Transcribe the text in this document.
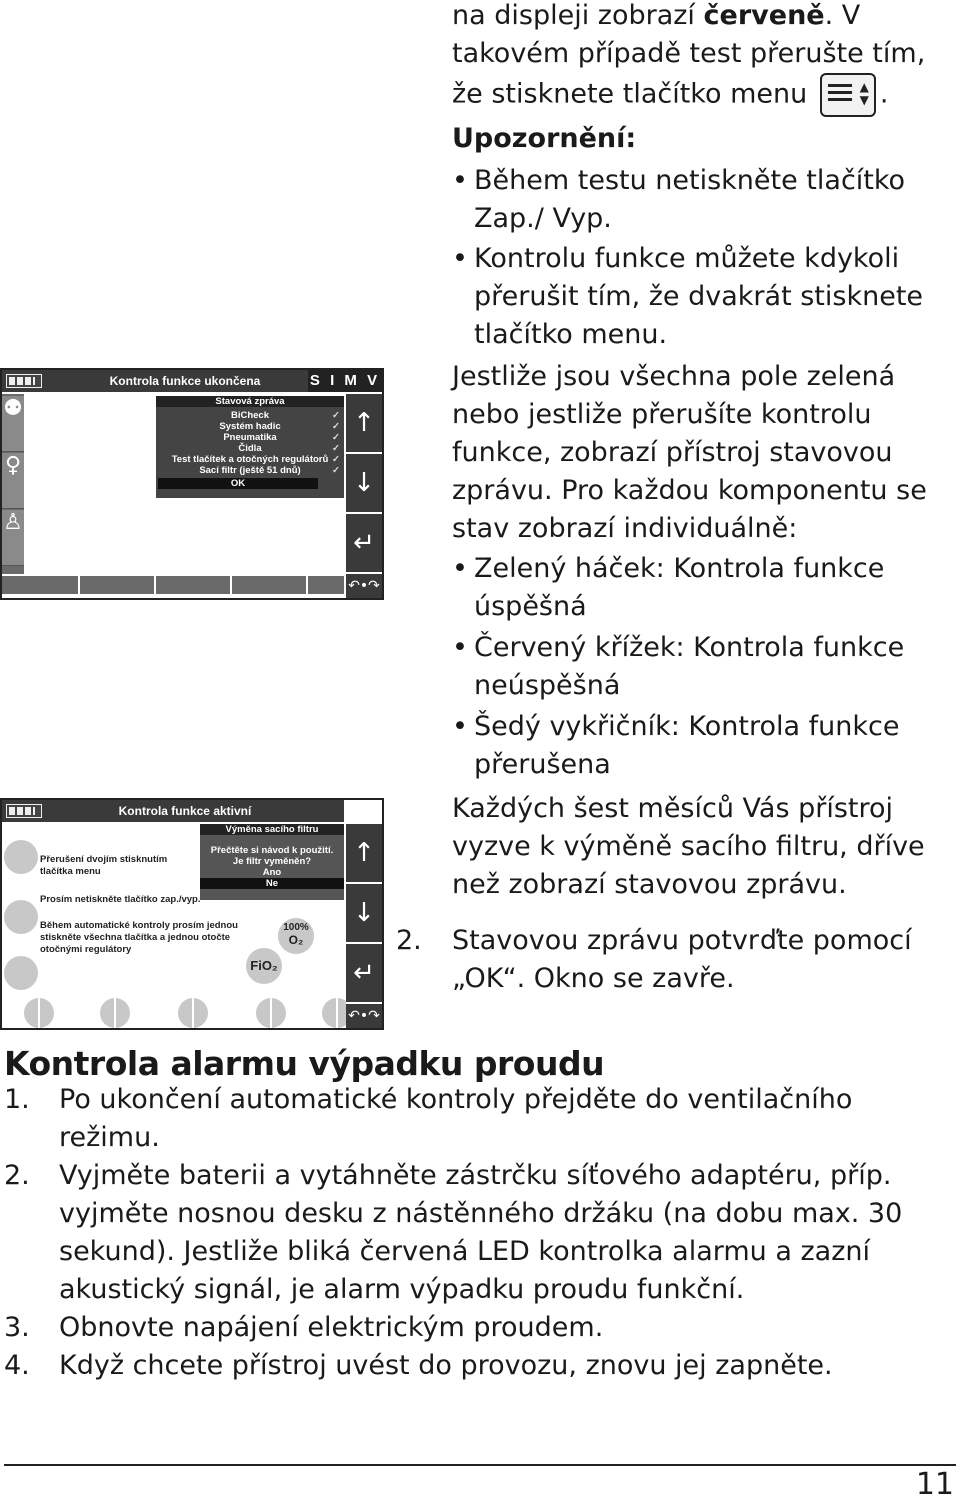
na displeji zobrazí červeně. V takovém případě test přerušte tím, že stisknete tlačítko menu	▲
▼ .
Upozornění:
• Během testu netiskněte tlačítko Zap./ Vyp.
• Kontrolu funkce můžete kdykoli přerušit tím, že dvakrát stisknete tlačítko menu.
Jestliže jsou všechna pole zelená nebo jestliže přerušíte kontrolu funkce, zobrazí přístroj stavovou zprávu. Pro každou komponentu se stav zobrazí individuálně:
• Zelený háček: Kontrola funkce úspěšná
• Červený křížek: Kontrola funkce neúspěšná
• Šedý vykřičník: Kontrola funkce přerušena
Každých šest měsíců Vás přístroj vyzve k výměně sacího filtru, dříve než zobrazí stavovou zprávu.
2. Stavovou zprávu potvrďte pomocí „OK“. Okno se zavře.
Kontrola funkce ukončena	S I M V
⚉
♀
♙
Stavová zpráva
BiCheck	✓
Systém hadic	✓
Pneumatika	✓
Čidla	✓
Test tlačítek a otočných regulátorů ✓
Sací filtr (ještě 51 dnů)	✓
OK
↑
↓
↵
↶•↷
Kontrola funkce aktivní
Výměna sacího filtru
Přečtěte si návod k použití.
Je filtr vyměněn?
Ano
Ne
Přerušení dvojím stisknutím tlačítka menu
Prosím netiskněte tlačítko zap./vyp.
Během automatické kontroly prosím jednou stiskněte všechna tlačítka a jednou otočte otočnými regulátory
100%
O₂
FiO₂
↑
↓
↵
↶•↷
Kontrola alarmu výpadku proudu
1. Po ukončení automatické kontroly přejděte do ventilačního režimu.
2. Vyjměte baterii a vytáhněte zástrčku síťového adaptéru, příp. vyjměte nosnou desku z nástěnného držáku (na dobu max. 30 sekund). Jestliže bliká červená LED kontrolka alarmu a zazní akustický signál, je alarm výpadku proudu funkční.
3. Obnovte napájení elektrickým proudem.
4. Když chcete přístroj uvést do provozu, znovu jej zapněte.
11
